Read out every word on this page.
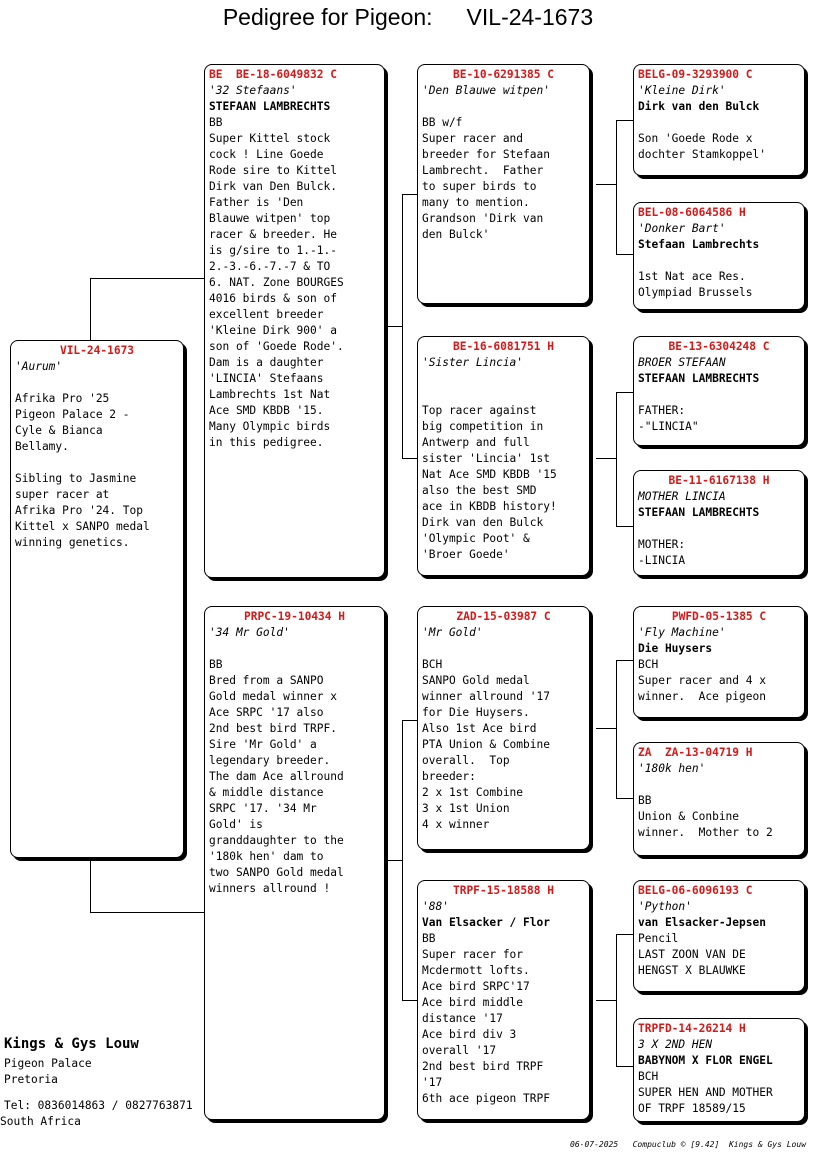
Pedigree for Pigeon: VIL-24-1673
VIL-24-1673
'Aurum'

Afrika Pro '25
Pigeon Palace 2 -
Cyle & Bianca
Bellamy.

Sibling to Jasmine
super racer at
Afrika Pro '24. Top
Kittel x SANPO medal
winning genetics.
BE  BE-18-6049832 C
'32 Stefaans'
STEFAAN LAMBRECHTS
BB
Super Kittel stock
cock ! Line Goede
Rode sire to Kittel
Dirk van Den Bulck.
Father is 'Den
Blauwe witpen' top
racer & breeder. He
is g/sire to 1.-1.-
2.-3.-6.-7.-7 & TO
6. NAT. Zone BOURGES
4016 birds & son of
excellent breeder
'Kleine Dirk 900' a
son of 'Goede Rode'.
Dam is a daughter
'LINCIA' Stefaans
Lambrechts 1st Nat
Ace SMD KBDB '15.
Many Olympic birds
in this pedigree.
PRPC-19-10434 H
'34 Mr Gold'

BB
Bred from a SANPO
Gold medal winner x
Ace SRPC '17 also
2nd best bird TRPF.
Sire 'Mr Gold' a
legendary breeder.
The dam Ace allround
& middle distance
SRPC '17. '34 Mr
Gold' is
granddaughter to the
'180k hen' dam to
two SANPO Gold medal
winners allround !
BE-10-6291385 C
'Den Blauwe witpen'

BB w/f
Super racer and
breeder for Stefaan
Lambrecht.  Father
to super birds to
many to mention.
Grandson 'Dirk van
den Bulck'
BE-16-6081751 H
'Sister Lincia'

Top racer against
big competition in
Antwerp and full
sister 'Lincia' 1st
Nat Ace SMD KBDB '15
also the best SMD
ace in KBDB history!
Dirk van den Bulck
'Olympic Poot' &
'Broer Goede'
ZAD-15-03987 C
'Mr Gold'

BCH
SANPO Gold medal
winner allround '17
for Die Huysers.
Also 1st Ace bird
PTA Union & Combine
overall.  Top
breeder:
2 x 1st Combine
3 x 1st Union
4 x winner
TRPF-15-18588 H
'88'
Van Elsacker / Flor
BB
Super racer for
Mcdermott lofts.
Ace bird SRPC'17
Ace bird middle
distance '17
Ace bird div 3
overall '17
2nd best bird TRPF
'17
6th ace pigeon TRPF
BELG-09-3293900 C
'Kleine Dirk'
Dirk van den Bulck

Son 'Goede Rode x
dochter Stamkoppel'
BEL-08-6064586 H
'Donker Bart'
Stefaan Lambrechts

1st Nat ace Res.
Olympiad Brussels
BE-13-6304248 C
BROER STEFAAN
STEFAAN LAMBRECHTS

FATHER:
-"LINCIA"
BE-11-6167138 H
MOTHER LINCIA
STEFAAN LAMBRECHTS

MOTHER:
-LINCIA
PWFD-05-1385 C
'Fly Machine'
Die Huysers
BCH
Super racer and 4 x
winner.  Ace pigeon
ZA  ZA-13-04719 H
'180k hen'

BB
Union & Conbine
winner.  Mother to 2
BELG-06-6096193 C
'Python'
van Elsacker-Jepsen
Pencil
LAST ZOON VAN DE
HENGST X BLAUWKE
TRPFD-14-26214 H
3 X 2ND HEN
BABYNOM X FLOR ENGEL
BCH
SUPER HEN AND MOTHER
OF TRPF 18589/15
Kings & Gys Louw
Pigeon Palace
Pretoria
Tel: 0836014863 / 0827763871
South Africa
06-07-2025   Compuclub © [9.42]  Kings & Gys Louw
